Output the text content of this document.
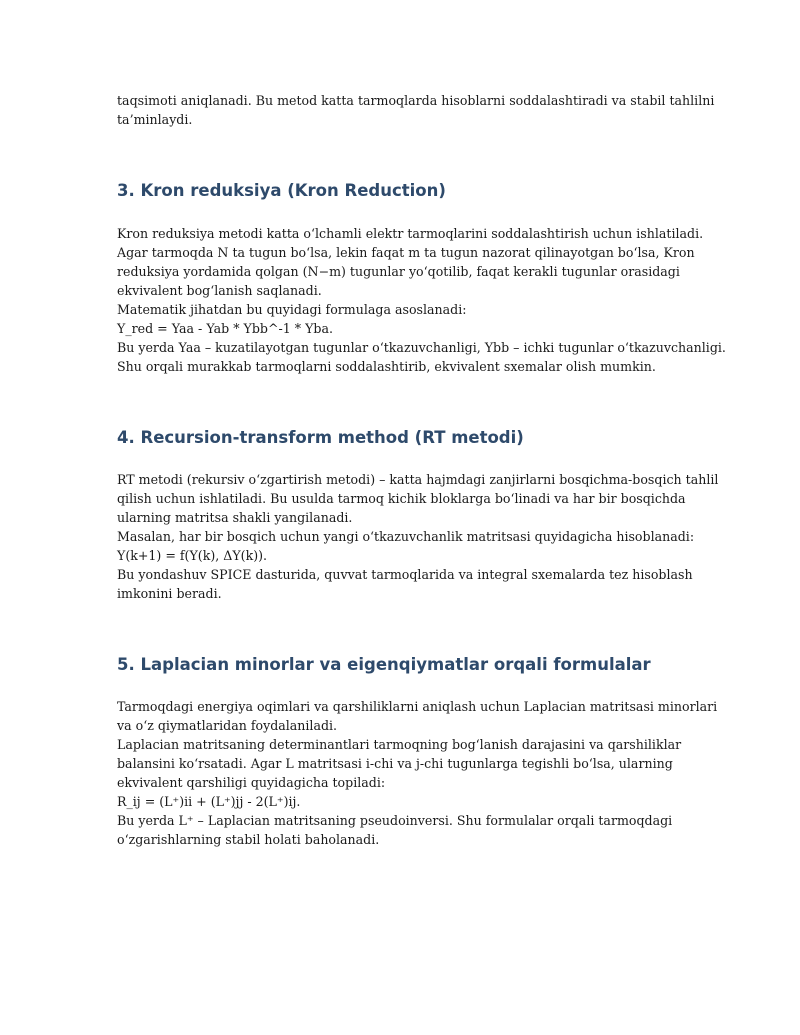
taqsimoti aniqlanadi. Bu metod katta tarmoqlarda hisoblarni soddalashtiradi va stabil tahlilni
ta’minlaydi.
3. Kron reduksiya (Kron Reduction)
Kron reduksiya metodi katta o‘lchamli elektr tarmoqlarini soddalashtirish uchun ishlatiladi.
Agar tarmoqda N ta tugun bo‘lsa, lekin faqat m ta tugun nazorat qilinayotgan bo‘lsa, Kron
reduksiya yordamida qolgan (N−m) tugunlar yo‘qotilib, faqat kerakli tugunlar orasidagi
ekvivalent bog‘lanish saqlanadi.
Matematik jihatdan bu quyidagi formulaga asoslanadi:
Y_red = Yaa - Yab * Ybb^-1 * Yba.
Bu yerda Yaa – kuzatilayotgan tugunlar o‘tkazuvchanligi, Ybb – ichki tugunlar o‘tkazuvchanligi.
Shu orqali murakkab tarmoqlarni soddalashtirib, ekvivalent sxemalar olish mumkin.
4. Recursion-transform method (RT metodi)
RT metodi (rekursiv o‘zgartirish metodi) – katta hajmdagi zanjirlarni bosqichma-bosqich tahlil
qilish uchun ishlatiladi. Bu usulda tarmoq kichik bloklarga bo‘linadi va har bir bosqichda
ularning matritsa shakli yangilanadi.
Masalan, har bir bosqich uchun yangi o‘tkazuvchanlik matritsasi quyidagicha hisoblanadi:
Y(k+1) = f(Y(k), ΔY(k)).
Bu yondashuv SPICE dasturida, quvvat tarmoqlarida va integral sxemalarda tez hisoblash
imkonini beradi.
5. Laplacian minorlar va eigenqiymatlar orqali formulalar
Tarmoqdagi energiya oqimlari va qarshiliklarni aniqlash uchun Laplacian matritsasi minorlari
va o‘z qiymatlaridan foydalaniladi.
Laplacian matritsaning determinantlari tarmoqning bog‘lanish darajasini va qarshiliklar
balansini ko‘rsatadi. Agar L matritsasi i-chi va j-chi tugunlarga tegishli bo‘lsa, ularning
ekvivalent qarshiligi quyidagicha topiladi:
R_ij = (L⁺)ii + (L⁺)jj - 2(L⁺)ij.
Bu yerda L⁺ – Laplacian matritsaning pseudoinversi. Shu formulalar orqali tarmoqdagi
o‘zgarishlarning stabil holati baholanadi.
